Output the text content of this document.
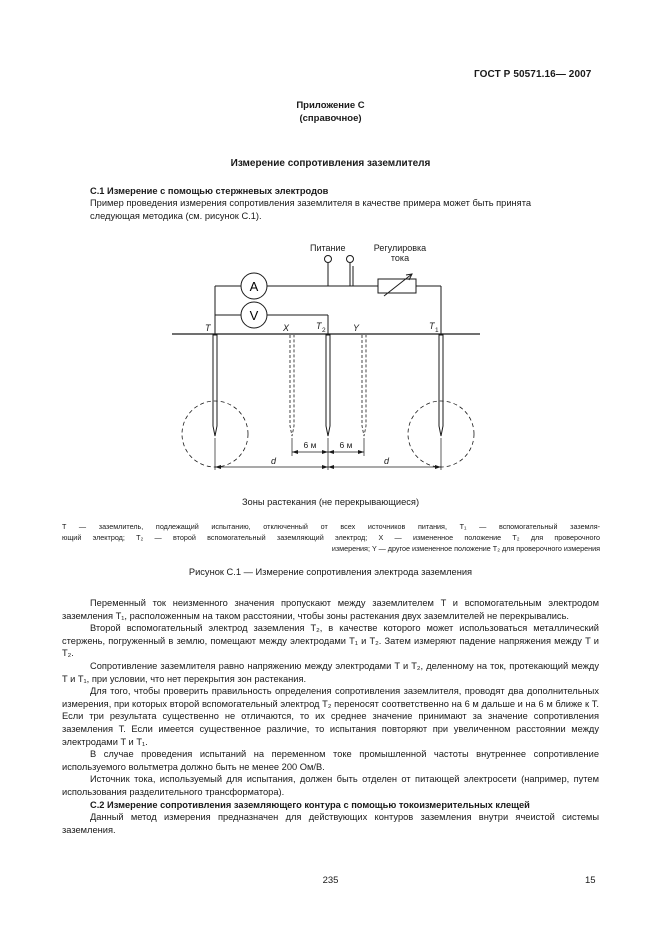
ГОСТ Р 50571.16— 2007
Приложение С
(справочное)
Измерение сопротивления заземлителя
С.1 Измерение с помощью стержневых электродов
Пример проведения измерения сопротивления заземлителя в качестве примера может быть принята
следующая методика (см. рисунок С.1).
A
V
Питание	Регулировка
тока
T	X	T 2	Y	T 1
6 м	6 м
d	d
Зоны растекания (не перекрывающиеся)
T — заземлитель, подлежащий испытанию, отключенный от всех источников питания, T₁ — вспомогательный заземля-
ющий электрод; T₂ — второй вспомогательный заземляющий электрод; X — измененное положение T₂ для проверочного
измерения; Y — другое измененное положение T₂ для проверочного измерения
Рисунок С.1 — Измерение сопротивления электрода заземления

Переменный ток неизменного значения пропускают между заземлителем T и вспомогательным электродом заземления T₁, расположенным на таком расстоянии, чтобы зоны растекания двух заземлителей не перекрывались.

Второй вспомогательный электрод заземления T₂, в качестве которого может использоваться металлический стержень, погруженный в землю, помещают между электродами T₁ и T₂. Затем измеряют падение напряжения между T и T₂.

Сопротивление заземлителя равно напряжению между электродами T и T₂, деленному на ток, протекающий между T и T₁, при условии, что нет перекрытия зон растекания.

Для того, чтобы проверить правильность определения сопротивления заземлителя, проводят два дополнительных измерения, при которых второй вспомогательный электрод T₂ переносят соответственно на 6 м дальше и на 6 м ближе к T. Если три результата существенно не отличаются, то их среднее значение принимают за значение сопротивления заземления T. Если имеется существенное различие, то испытания повторяют при увеличенном расстоянии между электродами T и T₁.

В случае проведения испытаний на переменном токе промышленной частоты внутреннее сопротивление используемого вольтметра должно быть не менее 200 Ом/В.

Источник тока, используемый для испытания, должен быть отделен от питающей электросети (например, путем использования разделительного трансформатора).

С.2 Измерение сопротивления заземляющего контура с помощью токоизмерительных клещей

Данный метод измерения предназначен для действующих контуров заземления внутри ячеистой системы заземления.

235	15
